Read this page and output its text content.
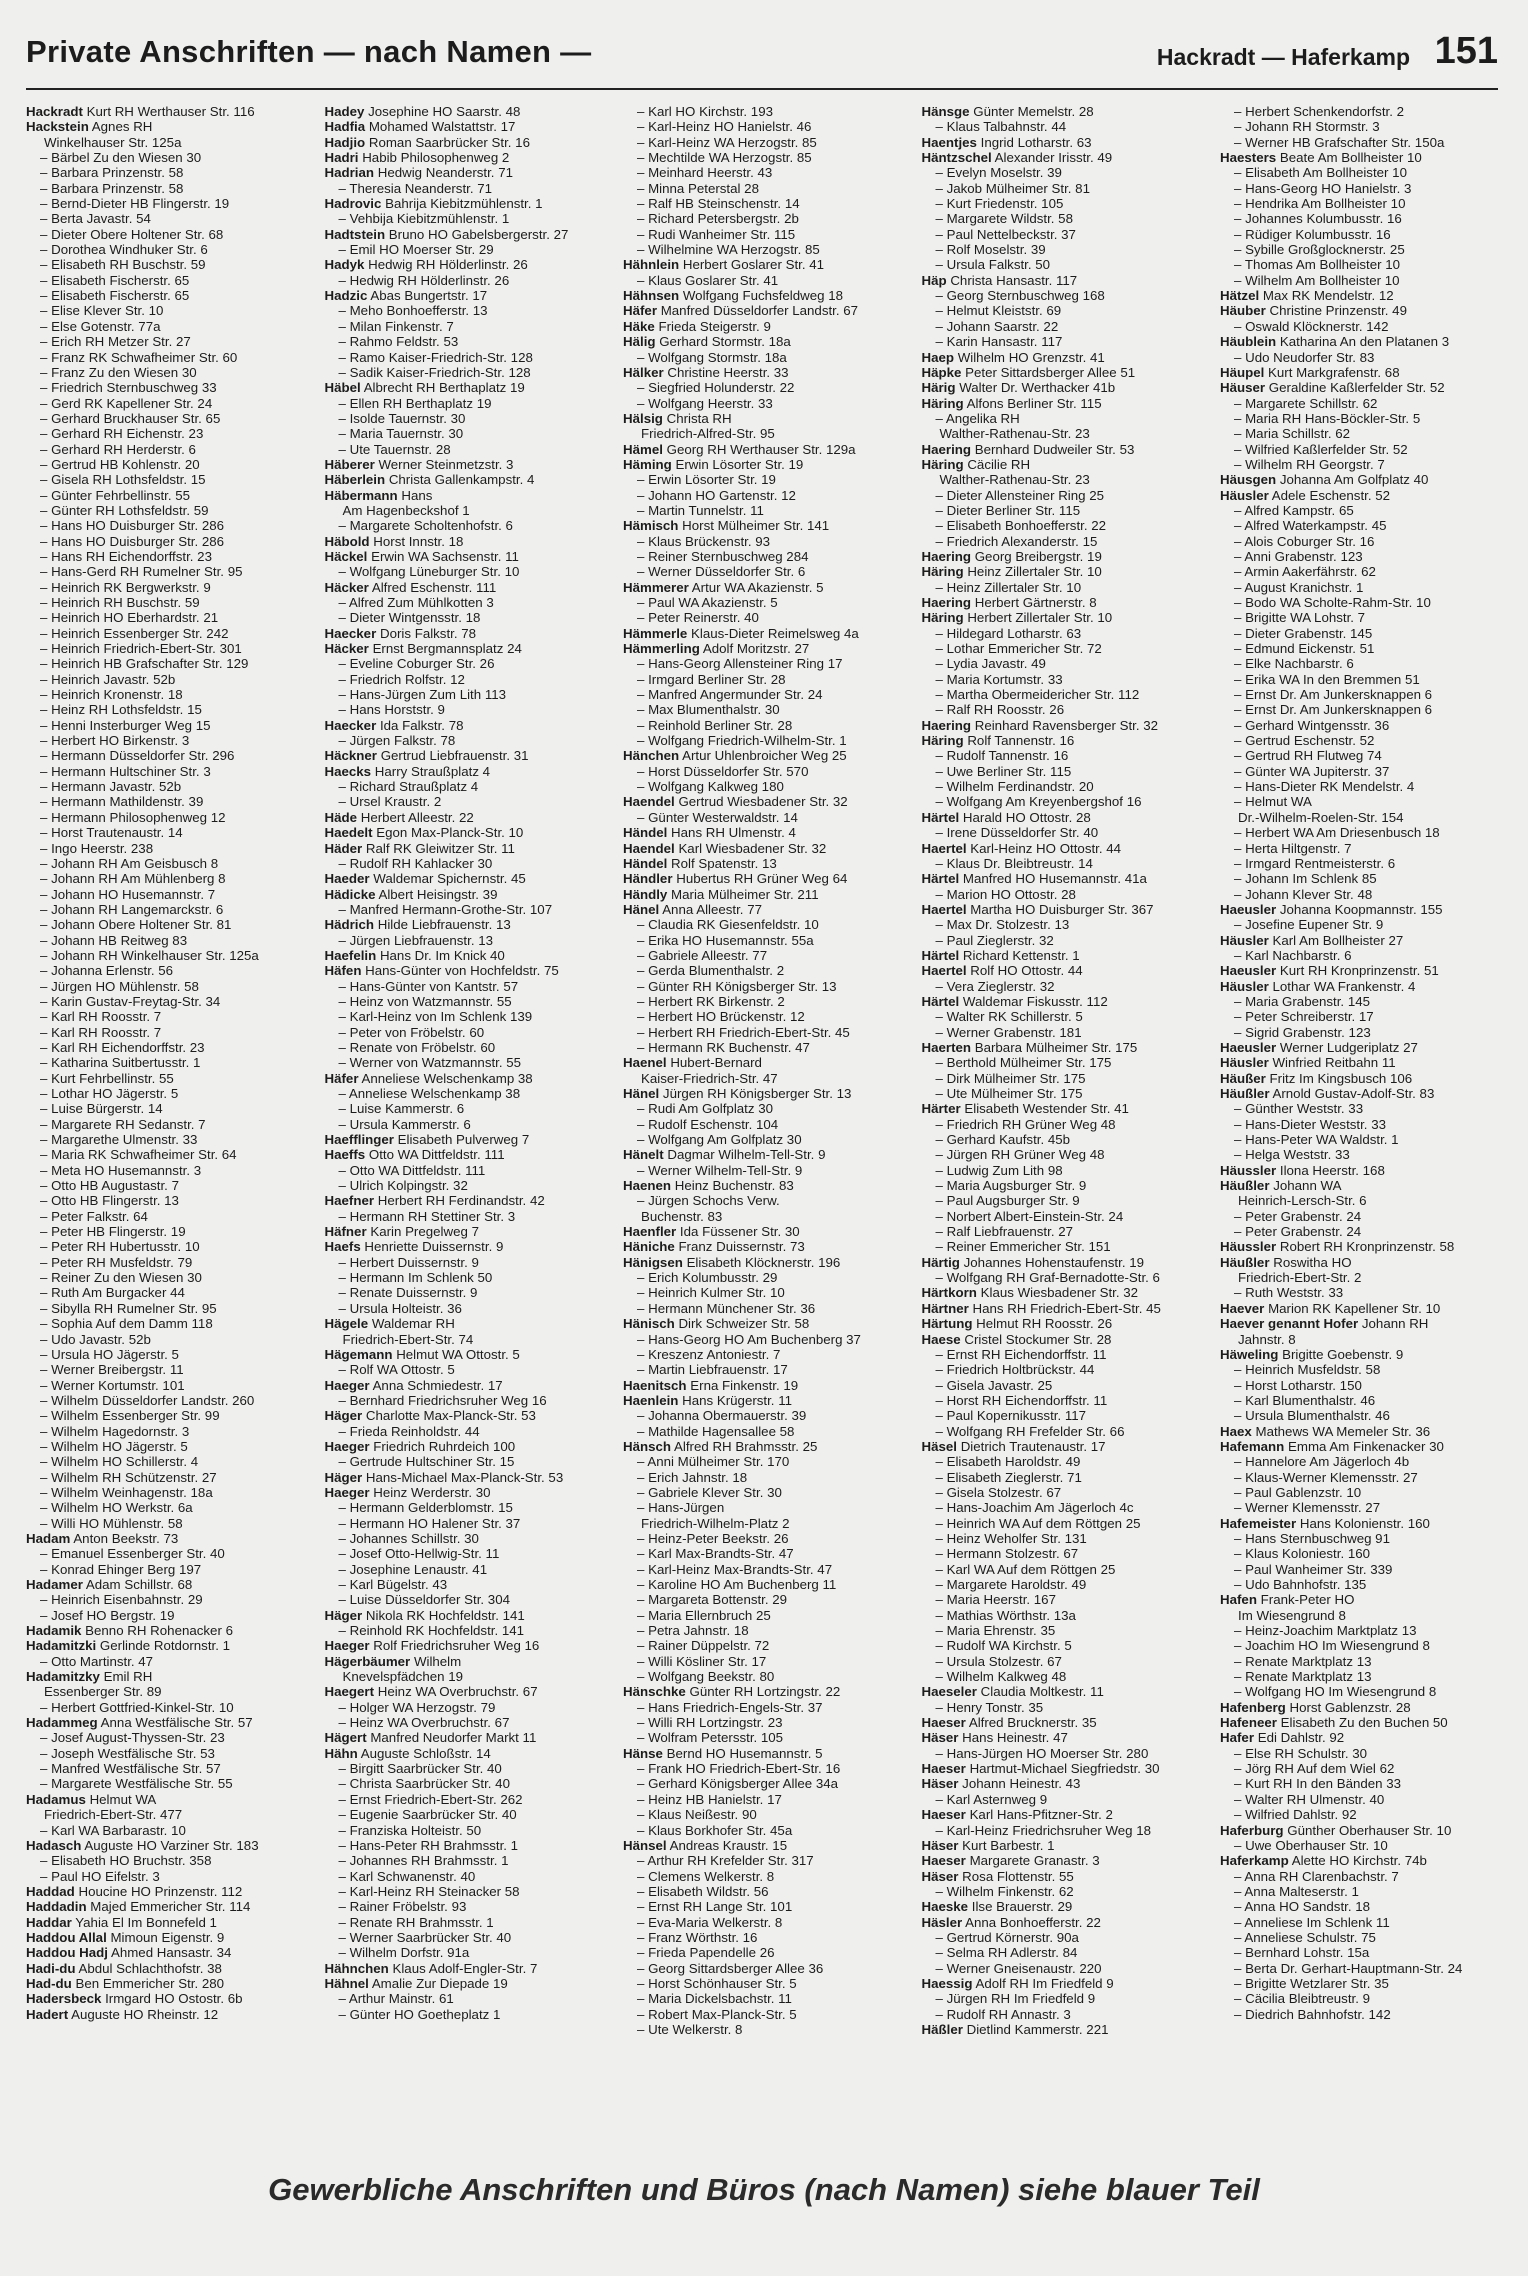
Private Anschriften — nach Namen —	Hackradt — Haferkamp 151
Hackradt Kurt RH Werthauser Str. 116
Hackstein Agnes RH
Winkelhauser Str. 125a
– Bärbel Zu den Wiesen 30
– Barbara Prinzenstr. 58
– Barbara Prinzenstr. 58
– Bernd-Dieter HB Flingerstr. 19
– Berta Javastr. 54
– Dieter Obere Holtener Str. 68
– Dorothea Windhuker Str. 6
– Elisabeth RH Buschstr. 59
– Elisabeth Fischerstr. 65
– Elisabeth Fischerstr. 65
– Elise Klever Str. 10
– Else Gotenstr. 77a
– Erich RH Metzer Str. 27
– Franz RK Schwafheimer Str. 60
– Franz Zu den Wiesen 30
– Friedrich Sternbuschweg 33
– Gerd RK Kapellener Str. 24
– Gerhard Bruckhauser Str. 65
– Gerhard RH Eichenstr. 23
– Gerhard RH Herderstr. 6
– Gertrud HB Kohlenstr. 20
– Gisela RH Lothsfeldstr. 15
– Günter Fehrbellinstr. 55
– Günter RH Lothsfeldstr. 59
– Hans HO Duisburger Str. 286
– Hans HO Duisburger Str. 286
– Hans RH Eichendorffstr. 23
– Hans-Gerd RH Rumelner Str. 95
– Heinrich RK Bergwerkstr. 9
– Heinrich RH Buschstr. 59
– Heinrich HO Eberhardstr. 21
– Heinrich Essenberger Str. 242
– Heinrich Friedrich-Ebert-Str. 301
– Heinrich HB Grafschafter Str. 129
– Heinrich Javastr. 52b
– Heinrich Kronenstr. 18
– Heinz RH Lothsfeldstr. 15
– Henni Insterburger Weg 15
– Herbert HO Birkenstr. 3
– Hermann Düsseldorfer Str. 296
– Hermann Hultschiner Str. 3
– Hermann Javastr. 52b
– Hermann Mathildenstr. 39
– Hermann Philosophenweg 12
– Horst Trautenaustr. 14
– Ingo Heerstr. 238
– Johann RH Am Geisbusch 8
– Johann RH Am Mühlenberg 8
– Johann HO Husemannstr. 7
– Johann RH Langemarckstr. 6
– Johann Obere Holtener Str. 81
– Johann HB Reitweg 83
– Johann RH Winkelhauser Str. 125a
– Johanna Erlenstr. 56
– Jürgen HO Mühlenstr. 58
– Karin Gustav-Freytag-Str. 34
– Karl RH Roosstr. 7
– Karl RH Roosstr. 7
– Karl RH Eichendorffstr. 23
– Katharina Suitbertusstr. 1
– Kurt Fehrbellinstr. 55
– Lothar HO Jägerstr. 5
– Luise Bürgerstr. 14
– Margarete RH Sedanstr. 7
– Margarethe Ulmenstr. 33
– Maria RK Schwafheimer Str. 64
– Meta HO Husemannstr. 3
– Otto HB Augustastr. 7
– Otto HB Flingerstr. 13
– Peter Falkstr. 64
– Peter HB Flingerstr. 19
– Peter RH Hubertusstr. 10
– Peter RH Musfeldstr. 79
– Reiner Zu den Wiesen 30
– Ruth Am Burgacker 44
– Sibylla RH Rumelner Str. 95
– Sophia Auf dem Damm 118
– Udo Javastr. 52b
– Ursula HO Jägerstr. 5
– Werner Breibergstr. 11
– Werner Kortumstr. 101
– Wilhelm Düsseldorfer Landstr. 260
– Wilhelm Essenberger Str. 99
– Wilhelm Hagedornstr. 3
– Wilhelm HO Jägerstr. 5
– Wilhelm HO Schillerstr. 4
– Wilhelm RH Schützenstr. 27
– Wilhelm Weinhagenstr. 18a
– Wilhelm HO Werkstr. 6a
– Willi HO Mühlenstr. 58
Hadam Anton Beekstr. 73
– Emanuel Essenberger Str. 40
– Konrad Ehinger Berg 197
Hadamer Adam Schillstr. 68
– Heinrich Eisenbahnstr. 29
– Josef HO Bergstr. 19
Hadamik Benno RH Rohenacker 6
Hadamitzki Gerlinde Rotdornstr. 1
– Otto Martinstr. 47
Hadamitzky Emil RH
Essenberger Str. 89
– Herbert Gottfried-Kinkel-Str. 10
Hadammeg Anna Westfälische Str. 57
– Josef August-Thyssen-Str. 23
– Joseph Westfälische Str. 53
– Manfred Westfälische Str. 57
– Margarete Westfälische Str. 55
Hadamus Helmut WA
Friedrich-Ebert-Str. 477
– Karl WA Barbarastr. 10
Hadasch Auguste HO Varziner Str. 183
– Elisabeth HO Bruchstr. 358
– Paul HO Eifelstr. 3
Haddad Houcine HO Prinzenstr. 112
Haddadin Majed Emmericher Str. 114
Haddar Yahia El Im Bonnefeld 1
Haddou Allal Mimoun Eigenstr. 9
Haddou Hadj Ahmed Hansastr. 34
Hadi-du Abdul Schlachthofstr. 38
Had-du Ben Emmericher Str. 280
Hadersbeck Irmgard HO Ostostr. 6b
Hadert Auguste HO Rheinstr. 12
Hadey Josephine HO Saarstr. 48
Hadfia Mohamed Walstattstr. 17
Hadjio Roman Saarbrücker Str. 16
Hadri Habib Philosophenweg 2
Hadrian Hedwig Neanderstr. 71
– Theresia Neanderstr. 71
Hadrovic Bahrija Kiebitzmühlenstr. 1
– Vehbija Kiebitzmühlenstr. 1
Hadtstein Bruno HO Gabelsbergerstr. 27
– Emil HO Moerser Str. 29
Hadyk Hedwig RH Hölderlinstr. 26
– Hedwig RH Hölderlinstr. 26
Hadzic Abas Bungertstr. 17
– Meho Bonhoefferstr. 13
– Milan Finkenstr. 7
– Rahmo Feldstr. 53
– Ramo Kaiser-Friedrich-Str. 128
– Sadik Kaiser-Friedrich-Str. 128
Häbel Albrecht RH Berthaplatz 19
– Ellen RH Berthaplatz 19
– Isolde Tauernstr. 30
– Maria Tauernstr. 30
– Ute Tauernstr. 28
Häberer Werner Steinmetzstr. 3
Häberlein Christa Gallenkampstr. 4
Häbermann Hans
Am Hagenbeckshof 1
– Margarete Scholtenhofstr. 6
Häbold Horst Innstr. 18
Häckel Erwin WA Sachsenstr. 11
– Wolfgang Lüneburger Str. 10
Häcker Alfred Eschenstr. 111
– Alfred Zum Mühlkotten 3
– Dieter Wintgensstr. 18
Haecker Doris Falkstr. 78
Häcker Ernst Bergmannsplatz 24
– Eveline Coburger Str. 26
– Friedrich Rolfstr. 12
– Hans-Jürgen Zum Lith 113
– Hans Horststr. 9
Haecker Ida Falkstr. 78
– Jürgen Falkstr. 78
Häckner Gertrud Liebfrauenstr. 31
Haecks Harry Straußplatz 4
– Richard Straußplatz 4
– Ursel Kraustr. 2
Häde Herbert Alleestr. 22
Haedelt Egon Max-Planck-Str. 10
Häder Ralf RK Gleiwitzer Str. 11
– Rudolf RH Kahlacker 30
Haeder Waldemar Spichernstr. 45
Hädicke Albert Heisingstr. 39
– Manfred Hermann-Grothe-Str. 107
Hädrich Hilde Liebfrauenstr. 13
– Jürgen Liebfrauenstr. 13
Haefelin Hans Dr. Im Knick 40
Häfen Hans-Günter von Hochfeldstr. 75
– Hans-Günter von Kantstr. 57
– Heinz von Watzmannstr. 55
– Karl-Heinz von Im Schlenk 139
– Peter von Fröbelstr. 60
– Renate von Fröbelstr. 60
– Werner von Watzmannstr. 55
Häfer Anneliese Welschenkamp 38
– Anneliese Welschenkamp 38
– Luise Kammerstr. 6
– Ursula Kammerstr. 6
Haefflinger Elisabeth Pulverweg 7
Haeffs Otto WA Dittfeldstr. 111
– Otto WA Dittfeldstr. 111
– Ulrich Kolpingstr. 32
Haefner Herbert RH Ferdinandstr. 42
– Hermann RH Stettiner Str. 3
Häfner Karin Pregelweg 7
Haefs Henriette Duissernstr. 9
– Herbert Duissernstr. 9
– Hermann Im Schlenk 50
– Renate Duissernstr. 9
– Ursula Holteistr. 36
Hägele Waldemar RH
Friedrich-Ebert-Str. 74
Hägemann Helmut WA Ottostr. 5
– Rolf WA Ottostr. 5
Haeger Anna Schmiedestr. 17
– Bernhard Friedrichsruher Weg 16
Häger Charlotte Max-Planck-Str. 53
– Frieda Reinholdstr. 44
Haeger Friedrich Ruhrdeich 100
– Gertrude Hultschiner Str. 15
Häger Hans-Michael Max-Planck-Str. 53
Haeger Heinz Werderstr. 30
– Hermann Gelderblomstr. 15
– Hermann HO Halener Str. 37
– Johannes Schillstr. 30
– Josef Otto-Hellwig-Str. 11
– Josephine Lenaustr. 41
– Karl Bügelstr. 43
– Luise Düsseldorfer Str. 304
Häger Nikola RK Hochfeldstr. 141
– Reinhold RK Hochfeldstr. 141
Haeger Rolf Friedrichsruher Weg 16
Hägerbäumer Wilhelm
Knevelspfädchen 19
Haegert Heinz WA Overbruchstr. 67
– Holger WA Herzogstr. 79
– Heinz WA Overbruchstr. 67
Hägert Manfred Neudorfer Markt 11
Hähn Auguste Schloßstr. 14
– Birgitt Saarbrücker Str. 40
– Christa Saarbrücker Str. 40
– Ernst Friedrich-Ebert-Str. 262
– Eugenie Saarbrücker Str. 40
– Franziska Holteistr. 50
– Hans-Peter RH Brahmsstr. 1
– Johannes RH Brahmsstr. 1
– Karl Schwanenstr. 40
– Karl-Heinz RH Steinacker 58
– Rainer Fröbelstr. 93
– Renate RH Brahmsstr. 1
– Werner Saarbrücker Str. 40
– Wilhelm Dorfstr. 91a
Hähnchen Klaus Adolf-Engler-Str. 7
Hähnel Amalie Zur Diepade 19
– Arthur Mainstr. 61
– Günter HO Goetheplatz 1
– Karl HO Kirchstr. 193
– Karl-Heinz HO Hanielstr. 46
– Karl-Heinz WA Herzogstr. 85
– Mechtilde WA Herzogstr. 85
– Meinhard Heerstr. 43
– Minna Peterstal 28
– Ralf HB Steinschenstr. 14
– Richard Petersbergstr. 2b
– Rudi Wanheimer Str. 115
– Wilhelmine WA Herzogstr. 85
Hähnlein Herbert Goslarer Str. 41
– Klaus Goslarer Str. 41
Hähnsen Wolfgang Fuchsfeldweg 18
Häfer Manfred Düsseldorfer Landstr. 67
Häke Frieda Steigerstr. 9
Hälig Gerhard Stormstr. 18a
– Wolfgang Stormstr. 18a
Hälker Christine Heerstr. 33
– Siegfried Holunderstr. 22
– Wolfgang Heerstr. 33
Hälsig Christa RH
Friedrich-Alfred-Str. 95
Hämel Georg RH Werthauser Str. 129a
Häming Erwin Lösorter Str. 19
– Erwin Lösorter Str. 19
– Johann HO Gartenstr. 12
– Martin Tunnelstr. 11
Hämisch Horst Mülheimer Str. 141
– Klaus Brückenstr. 93
– Reiner Sternbuschweg 284
– Werner Düsseldorfer Str. 6
Hämmerer Artur WA Akazienstr. 5
– Paul WA Akazienstr. 5
– Peter Reinerstr. 40
Hämmerle Klaus-Dieter Reimelsweg 4a
Hämmerling Adolf Moritzstr. 27
– Hans-Georg Allensteiner Ring 17
– Irmgard Berliner Str. 28
– Manfred Angermunder Str. 24
– Max Blumenthalstr. 30
– Reinhold Berliner Str. 28
– Wolfgang Friedrich-Wilhelm-Str. 1
Hänchen Artur Uhlenbroicher Weg 25
– Horst Düsseldorfer Str. 570
– Wolfgang Kalkweg 180
Haendel Gertrud Wiesbadener Str. 32
– Günter Westerwaldstr. 14
Händel Hans RH Ulmenstr. 4
Haendel Karl Wiesbadener Str. 32
Händel Rolf Spatenstr. 13
Händler Hubertus RH Grüner Weg 64
Händly Maria Mülheimer Str. 211
Hänel Anna Alleestr. 77
– Claudia RK Giesenfeldstr. 10
– Erika HO Husemannstr. 55a
– Gabriele Alleestr. 77
– Gerda Blumenthalstr. 2
– Günter RH Königsberger Str. 13
– Herbert RK Birkenstr. 2
– Herbert HO Brückenstr. 12
– Herbert RH Friedrich-Ebert-Str. 45
– Hermann RK Buchenstr. 47
Haenel Hubert-Bernard
Kaiser-Friedrich-Str. 47
Hänel Jürgen RH Königsberger Str. 13
– Rudi Am Golfplatz 30
– Rudolf Eschenstr. 104
– Wolfgang Am Golfplatz 30
Hänelt Dagmar Wilhelm-Tell-Str. 9
– Werner Wilhelm-Tell-Str. 9
Haenen Heinz Buchenstr. 83
– Jürgen Schochs Verw.
Buchenstr. 83
Haenfler Ida Füssener Str. 30
Häniche Franz Duissernstr. 73
Hänigsen Elisabeth Klöcknerstr. 196
– Erich Kolumbusstr. 29
– Heinrich Kulmer Str. 10
– Hermann Münchener Str. 36
Hänisch Dirk Schweizer Str. 58
– Hans-Georg HO Am Buchenberg 37
– Kreszenz Antoniestr. 7
– Martin Liebfrauenstr. 17
Haenitsch Erna Finkenstr. 19
Haenlein Hans Krügerstr. 11
– Johanna Obermauerstr. 39
– Mathilde Hagensallee 58
Hänsch Alfred RH Brahmsstr. 25
– Anni Mülheimer Str. 170
– Erich Jahnstr. 18
– Gabriele Klever Str. 30
– Hans-Jürgen
Friedrich-Wilhelm-Platz 2
– Heinz-Peter Beekstr. 26
– Karl Max-Brandts-Str. 47
– Karl-Heinz Max-Brandts-Str. 47
– Karoline HO Am Buchenberg 11
– Margareta Bottenstr. 29
– Maria Ellernbruch 25
– Petra Jahnstr. 18
– Rainer Düppelstr. 72
– Willi Kösliner Str. 17
– Wolfgang Beekstr. 80
Hänschke Günter RH Lortzingstr. 22
– Hans Friedrich-Engels-Str. 37
– Willi RH Lortzingstr. 23
– Wolfram Petersstr. 105
Hänse Bernd HO Husemannstr. 5
– Frank HO Friedrich-Ebert-Str. 16
– Gerhard Königsberger Allee 34a
– Heinz HB Hanielstr. 17
– Klaus Neißestr. 90
– Klaus Borkhofer Str. 45a
Hänsel Andreas Kraustr. 15
– Arthur RH Krefelder Str. 317
– Clemens Welkerstr. 8
– Elisabeth Wildstr. 56
– Ernst RH Lange Str. 101
– Eva-Maria Welkerstr. 8
– Franz Wörthstr. 16
– Frieda Papendelle 26
– Georg Sittardsberger Allee 36
– Horst Schönhauser Str. 5
– Maria Dickelsbachstr. 11
– Robert Max-Planck-Str. 5
– Ute Welkerstr. 8
Hänsge Günter Memelstr. 28
– Klaus Talbahnstr. 44
Haentjes Ingrid Lotharstr. 63
Häntzschel Alexander Irisstr. 49
– Evelyn Moselstr. 39
– Jakob Mülheimer Str. 81
– Kurt Friedenstr. 105
– Margarete Wildstr. 58
– Paul Nettelbeckstr. 37
– Rolf Moselstr. 39
– Ursula Falkstr. 50
Häp Christa Hansastr. 117
– Georg Sternbuschweg 168
– Helmut Kleiststr. 69
– Johann Saarstr. 22
– Karin Hansastr. 117
Haep Wilhelm HO Grenzstr. 41
Häpke Peter Sittardsberger Allee 51
Härig Walter Dr. Werthacker 41b
Häring Alfons Berliner Str. 115
– Angelika RH
Walther-Rathenau-Str. 23
Haering Bernhard Dudweiler Str. 53
Häring Cäcilie RH
Walther-Rathenau-Str. 23
– Dieter Allensteiner Ring 25
– Dieter Berliner Str. 115
– Elisabeth Bonhoefferstr. 22
– Friedrich Alexanderstr. 15
Haering Georg Breibergstr. 19
Häring Heinz Zillertaler Str. 10
– Heinz Zillertaler Str. 10
Haering Herbert Gärtnerstr. 8
Häring Herbert Zillertaler Str. 10
– Hildegard Lotharstr. 63
– Lothar Emmericher Str. 72
– Lydia Javastr. 49
– Maria Kortumstr. 33
– Martha Obermeidericher Str. 112
– Ralf RH Roosstr. 26
Haering Reinhard Ravensberger Str. 32
Häring Rolf Tannenstr. 16
– Rudolf Tannenstr. 16
– Uwe Berliner Str. 115
– Wilhelm Ferdinandstr. 20
– Wolfgang Am Kreyenbergshof 16
Härtel Harald HO Ottostr. 28
– Irene Düsseldorfer Str. 40
Haertel Karl-Heinz HO Ottostr. 44
– Klaus Dr. Bleibtreustr. 14
Härtel Manfred HO Husemannstr. 41a
– Marion HO Ottostr. 28
Haertel Martha HO Duisburger Str. 367
– Max Dr. Stolzestr. 13
– Paul Zieglerstr. 32
Härtel Richard Kettenstr. 1
Haertel Rolf HO Ottostr. 44
– Vera Zieglerstr. 32
Härtel Waldemar Fiskusstr. 112
– Walter RK Schillerstr. 5
– Werner Grabenstr. 181
Haerten Barbara Mülheimer Str. 175
– Berthold Mülheimer Str. 175
– Dirk Mülheimer Str. 175
– Ute Mülheimer Str. 175
Härter Elisabeth Westender Str. 41
– Friedrich RH Grüner Weg 48
– Gerhard Kaufstr. 45b
– Jürgen RH Grüner Weg 48
– Ludwig Zum Lith 98
– Maria Augsburger Str. 9
– Paul Augsburger Str. 9
– Norbert Albert-Einstein-Str. 24
– Ralf Liebfrauenstr. 27
– Reiner Emmericher Str. 151
Härtig Johannes Hohenstaufenstr. 19
– Wolfgang RH Graf-Bernadotte-Str. 6
Härtkorn Klaus Wiesbadener Str. 32
Härtner Hans RH Friedrich-Ebert-Str. 45
Härtung Helmut RH Roosstr. 26
Haese Cristel Stockumer Str. 28
– Ernst RH Eichendorffstr. 11
– Friedrich Holtbrückstr. 44
– Gisela Javastr. 25
– Horst RH Eichendorffstr. 11
– Paul Kopernikusstr. 117
– Wolfgang RH Frefelder Str. 66
Häsel Dietrich Trautenaustr. 17
– Elisabeth Haroldstr. 49
– Elisabeth Zieglerstr. 71
– Gisela Stolzestr. 67
– Hans-Joachim Am Jägerloch 4c
– Heinrich WA Auf dem Röttgen 25
– Heinz Weholfer Str. 131
– Hermann Stolzestr. 67
– Karl WA Auf dem Röttgen 25
– Margarete Haroldstr. 49
– Maria Heerstr. 167
– Mathias Wörthstr. 13a
– Maria Ehrenstr. 35
– Rudolf WA Kirchstr. 5
– Ursula Stolzestr. 67
– Wilhelm Kalkweg 48
Haeseler Claudia Moltkestr. 11
– Henry Tonstr. 35
Haeser Alfred Brucknerstr. 35
Häser Hans Heinestr. 47
– Hans-Jürgen HO Moerser Str. 280
Haeser Hartmut-Michael Siegfriedstr. 30
Häser Johann Heinestr. 43
– Karl Asternweg 9
Haeser Karl Hans-Pfitzner-Str. 2
– Karl-Heinz Friedrichsruher Weg 18
Häser Kurt Barbestr. 1
Haeser Margarete Granastr. 3
Häser Rosa Flottenstr. 55
– Wilhelm Finkenstr. 62
Haeske Ilse Brauerstr. 29
Häsler Anna Bonhoefferstr. 22
– Gertrud Körnerstr. 90a
– Selma RH Adlerstr. 84
– Werner Gneisenaustr. 220
Haessig Adolf RH Im Friedfeld 9
– Jürgen RH Im Friedfeld 9
– Rudolf RH Annastr. 3
Häßler Dietlind Kammerstr. 221
– Herbert Schenkendorfstr. 2
– Johann RH Stormstr. 3
– Werner HB Grafschafter Str. 150a
Haesters Beate Am Bollheister 10
– Elisabeth Am Bollheister 10
– Hans-Georg HO Hanielstr. 3
– Hendrika Am Bollheister 10
– Johannes Kolumbusstr. 16
– Rüdiger Kolumbusstr. 16
– Sybille Großglocknerstr. 25
– Thomas Am Bollheister 10
– Wilhelm Am Bollheister 10
Hätzel Max RK Mendelstr. 12
Häuber Christine Prinzenstr. 49
– Oswald Klöcknerstr. 142
Häublein Katharina An den Platanen 3
– Udo Neudorfer Str. 83
Häupel Kurt Markgrafenstr. 68
Häuser Geraldine Kaßlerfelder Str. 52
– Margarete Schillstr. 62
– Maria RH Hans-Böckler-Str. 5
– Maria Schillstr. 62
– Wilfried Kaßlerfelder Str. 52
– Wilhelm RH Georgstr. 7
Häusgen Johanna Am Golfplatz 40
Häusler Adele Eschenstr. 52
– Alfred Kampstr. 65
– Alfred Waterkampstr. 45
– Alois Coburger Str. 16
– Anni Grabenstr. 123
– Armin Aakerfährstr. 62
– August Kranichstr. 1
– Bodo WA Scholte-Rahm-Str. 10
– Brigitte WA Lohstr. 7
– Dieter Grabenstr. 145
– Edmund Eickenstr. 51
– Elke Nachbarstr. 6
– Erika WA In den Bremmen 51
– Ernst Dr. Am Junkersknappen 6
– Ernst Dr. Am Junkersknappen 6
– Gerhard Wintgensstr. 36
– Gertrud Eschenstr. 52
– Gertrud RH Flutweg 74
– Günter WA Jupiterstr. 37
– Hans-Dieter RK Mendelstr. 4
– Helmut WA
Dr.-Wilhelm-Roelen-Str. 154
– Herbert WA Am Driesenbusch 18
– Herta Hiltgenstr. 7
– Irmgard Rentmeisterstr. 6
– Johann Im Schlenk 85
– Johann Klever Str. 48
Haeusler Johanna Koopmannstr. 155
– Josefine Eupener Str. 9
Häusler Karl Am Bollheister 27
– Karl Nachbarstr. 6
Haeusler Kurt RH Kronprinzenstr. 51
Häusler Lothar WA Frankenstr. 4
– Maria Grabenstr. 145
– Peter Schreiberstr. 17
– Sigrid Grabenstr. 123
Haeusler Werner Ludgeriplatz 27
Häusler Winfried Reitbahn 11
Häußer Fritz Im Kingsbusch 106
Häußler Arnold Gustav-Adolf-Str. 83
– Günther Weststr. 33
– Hans-Dieter Weststr. 33
– Hans-Peter WA Waldstr. 1
– Helga Weststr. 33
Häussler Ilona Heerstr. 168
Häußler Johann WA
Heinrich-Lersch-Str. 6
– Peter Grabenstr. 24
– Peter Grabenstr. 24
Häussler Robert RH Kronprinzenstr. 58
Häußler Roswitha HO
Friedrich-Ebert-Str. 2
– Ruth Weststr. 33
Haever Marion RK Kapellener Str. 10
Haever genannt Hofer Johann RH
Jahnstr. 8
Häweling Brigitte Goebenstr. 9
– Heinrich Musfeldstr. 58
– Horst Lotharstr. 150
– Karl Blumenthalstr. 46
– Ursula Blumenthalstr. 46
Haex Mathews WA Memeler Str. 36
Hafemann Emma Am Finkenacker 30
– Hannelore Am Jägerloch 4b
– Klaus-Werner Klemensstr. 27
– Paul Gablenzstr. 10
– Werner Klemensstr. 27
Hafemeister Hans Kolonienstr. 160
– Hans Sternbuschweg 91
– Klaus Koloniestr. 160
– Paul Wanheimer Str. 339
– Udo Bahnhofstr. 135
Hafen Frank-Peter HO
Im Wiesengrund 8
– Heinz-Joachim Marktplatz 13
– Joachim HO Im Wiesengrund 8
– Renate Marktplatz 13
– Renate Marktplatz 13
– Wolfgang HO Im Wiesengrund 8
Hafenberg Horst Gablenzstr. 28
Hafeneer Elisabeth Zu den Buchen 50
Hafer Edi Dahlstr. 92
– Else RH Schulstr. 30
– Jörg RH Auf dem Wiel 62
– Kurt RH In den Bänden 33
– Walter RH Ulmenstr. 40
– Wilfried Dahlstr. 92
Haferburg Günther Oberhauser Str. 10
– Uwe Oberhauser Str. 10
Haferkamp Alette HO Kirchstr. 74b
– Anna RH Clarenbachstr. 7
– Anna Malteserstr. 1
– Anna HO Sandstr. 18
– Anneliese Im Schlenk 11
– Anneliese Schulstr. 75
– Bernhard Lohstr. 15a
– Berta Dr. Gerhart-Hauptmann-Str. 24
– Brigitte Wetzlarer Str. 35
– Cäcilia Bleibtreustr. 9
– Diedrich Bahnhofstr. 142
Gewerbliche Anschriften und Büros (nach Namen) siehe blauer Teil
